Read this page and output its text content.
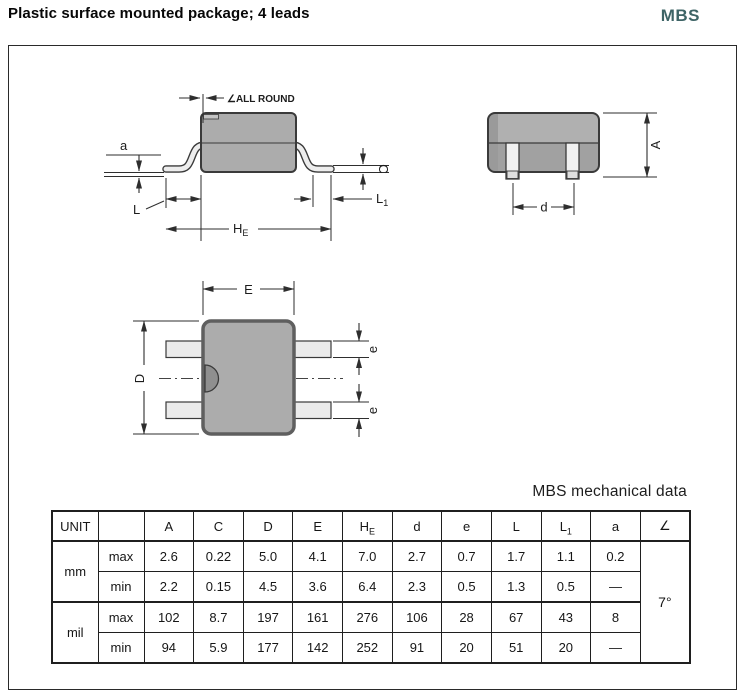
Plastic surface mounted package; 4 leads	MBS
a
∠ALL ROUND
L
$H_E$
$L_1$
C
A
d
E
D
e
e
MBS mechanical data
UNIT		A	C	D	E	$H_E$	d	e	L	$L_1$	a	∠
mm	max	2.6	0.22	5.0	4.1	7.0	2.7	0.7	1.7	1.1	0.2	7°
	min	2.2	0.15	4.5	3.6	6.4	2.3	0.5	1.3	0.5	—	
mil	max	102	8.7	197	161	276	106	28	67	43	8	
	min	94	5.9	177	142	252	91	20	51	20	—	
